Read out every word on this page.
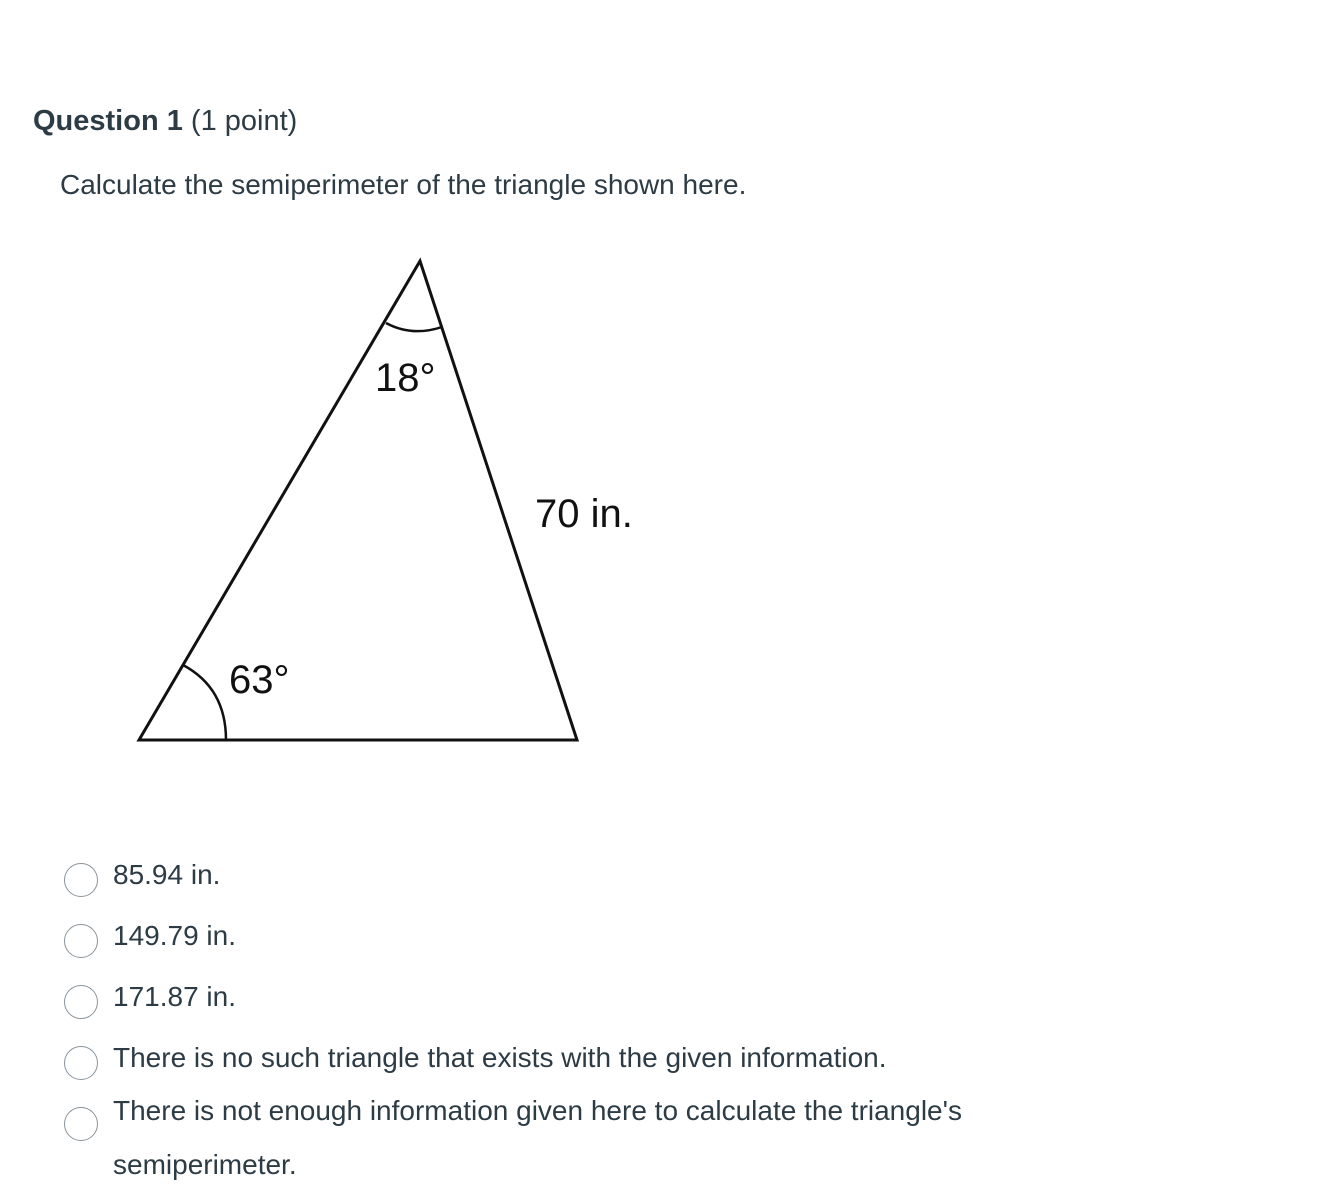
Question 1 (1 point)
Calculate the semiperimeter of the triangle shown here.
18°
63°
70 in.
85.94 in.
149.79 in.
171.87 in.
There is no such triangle that exists with the given information.
There is not enough information given here to calculate the triangle's semiperimeter.
